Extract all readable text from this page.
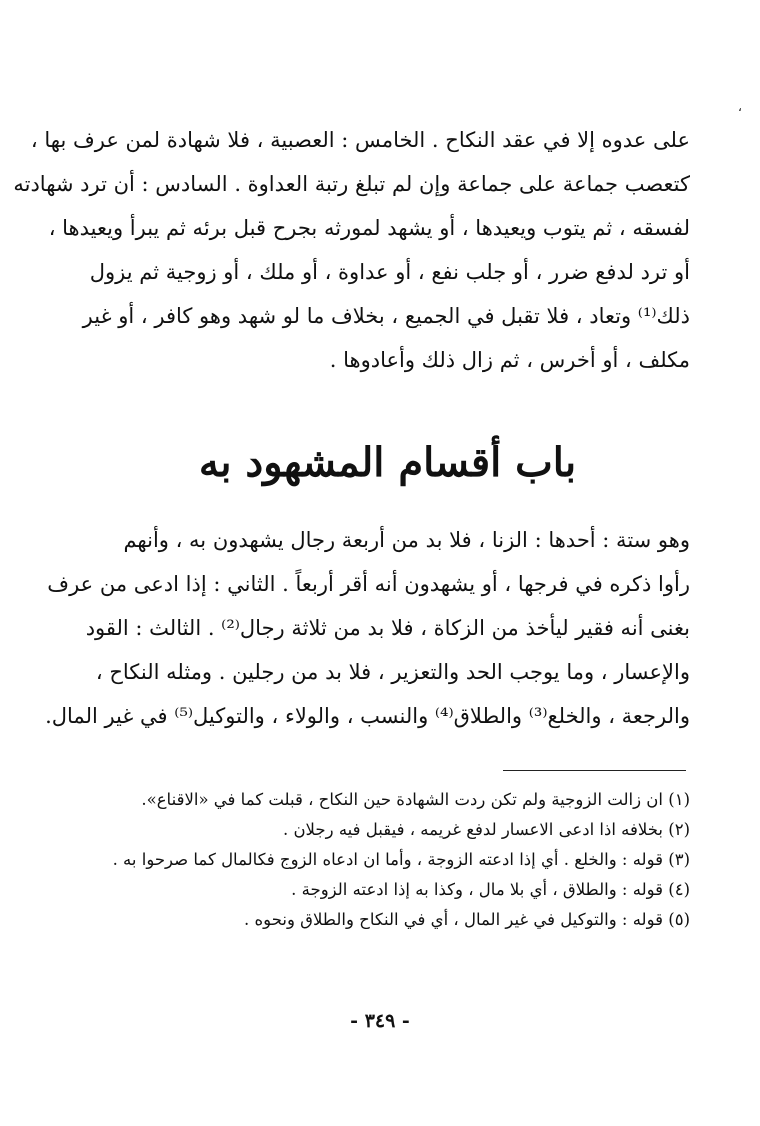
،
على عدوه إلا في عقد النكاح . الخامس : العصبية ، فلا شهادة لمن عرف بها ،
كتعصب جماعة على جماعة وإن لم تبلغ رتبة العداوة . السادس : أن ترد شهادته
لفسقه ، ثم يتوب ويعيدها ، أو يشهد لمورثه بجرح قبل برئه ثم يبرأ ويعيدها ،
أو ترد لدفع ضرر ، أو جلب نفع ، أو عداوة ، أو ملك ، أو زوجية ثم يزول
ذلك⁽¹⁾ وتعاد ، فلا تقبل في الجميع ، بخلاف ما لو شهد وهو كافر ، أو غير
مكلف ، أو أخرس ، ثم زال ذلك وأعادوها .
باب أقسام المشهود به
وهو ستة : أحدها : الزنا ، فلا بد من أربعة رجال يشهدون به ، وأنهم
رأوا ذكره في فرجها ، أو يشهدون أنه أقر أربعاً . الثاني : إذا ادعى من عرف
بغنى أنه فقير ليأخذ من الزكاة ، فلا بد من ثلاثة رجال⁽²⁾ . الثالث : القود
والإعسار ، وما يوجب الحد والتعزير ، فلا بد من رجلين . ومثله النكاح ،
والرجعة ، والخلع⁽³⁾ والطلاق⁽⁴⁾ والنسب ، والولاء ، والتوكيل⁽⁵⁾ في غير المال.
(١) ان زالت الزوجية ولم تكن ردت الشهادة حين النكاح ، قبلت كما في «الاقناع».
(٢) بخلافه اذا ادعى الاعسار لدفع غريمه ، فيقبل فيه رجلان .
(٣) قوله : والخلع . أي إذا ادعته الزوجة ، وأما ان ادعاه الزوج فكالمال كما صرحوا به .
(٤) قوله : والطلاق ، أي بلا مال ، وكذا به إذا ادعته الزوجة .
(٥) قوله : والتوكيل في غير المال ، أي في النكاح والطلاق ونحوه .
- ٣٤٩ -
